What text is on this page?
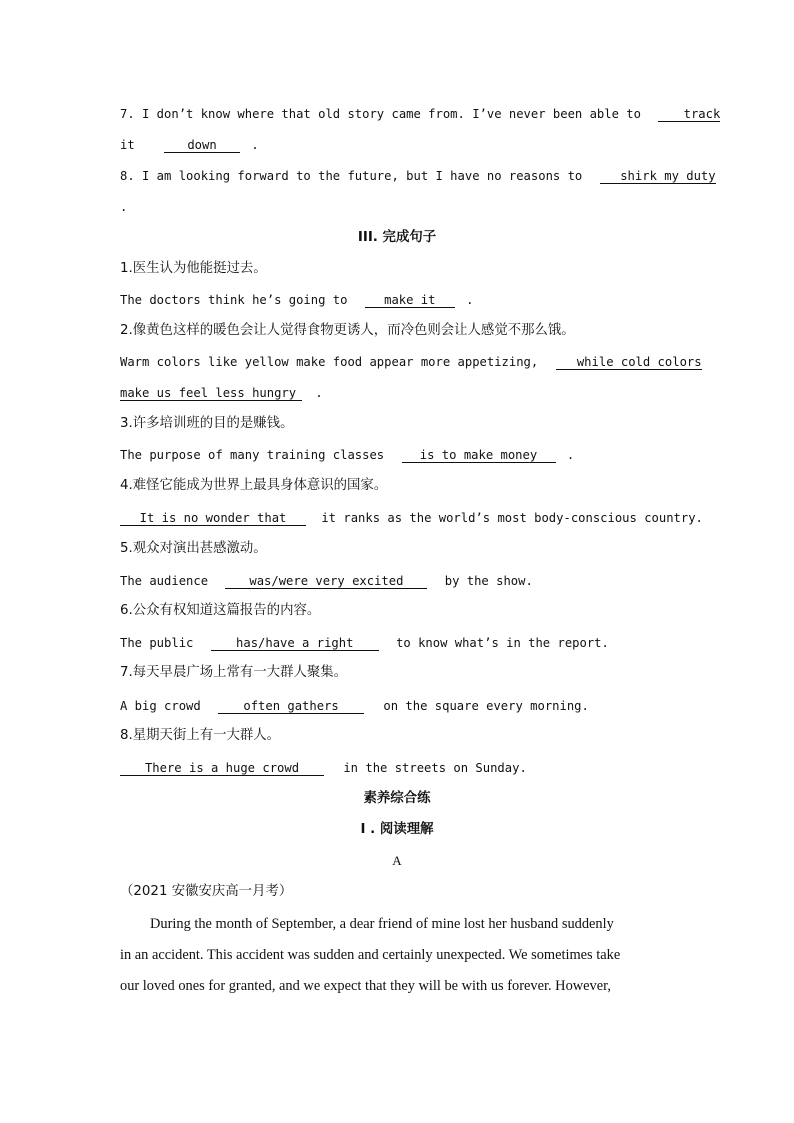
7. I don’t know where that old story came from. I’ve never been able to	track
it	down	.
8. I am looking forward to the future, but I have no reasons to	shirk my duty
.
III. 完成句子
1.医生认为他能挺过去。
The doctors think he’s going to	make it	.
2.像黄色这样的暖色会让人觉得食物更诱人，而冷色则会让人感觉不那么饿。
Warm colors like yellow make food appear more appetizing,	while cold colors
make us feel less hungry .
3.许多培训班的目的是赚钱。
The purpose of many training classes	is to make money .
4.难怪它能成为世界上最具身体意识的国家。
It is no wonder that	it ranks as the world’s most body-conscious country.
5.观众对演出甚感激动。
The audience	was/were very excited	by the show.
6.公众有权知道这篇报告的内容。
The public	has/have a right	to know what’s in the report.
7.每天早晨广场上常有一大群人聚集。
A big crowd	often gathers	on the square every morning.
8.星期天街上有一大群人。
There is a huge crowd	in the streets on Sunday.
素养综合练
I . 阅读理解
A
（2021 安徽安庆高一月考）
During the month of September, a dear friend of mine lost her husband suddenly
in an accident. This accident was sudden and certainly unexpected. We sometimes take
our loved ones for granted, and we expect that they will be with us forever. However,
